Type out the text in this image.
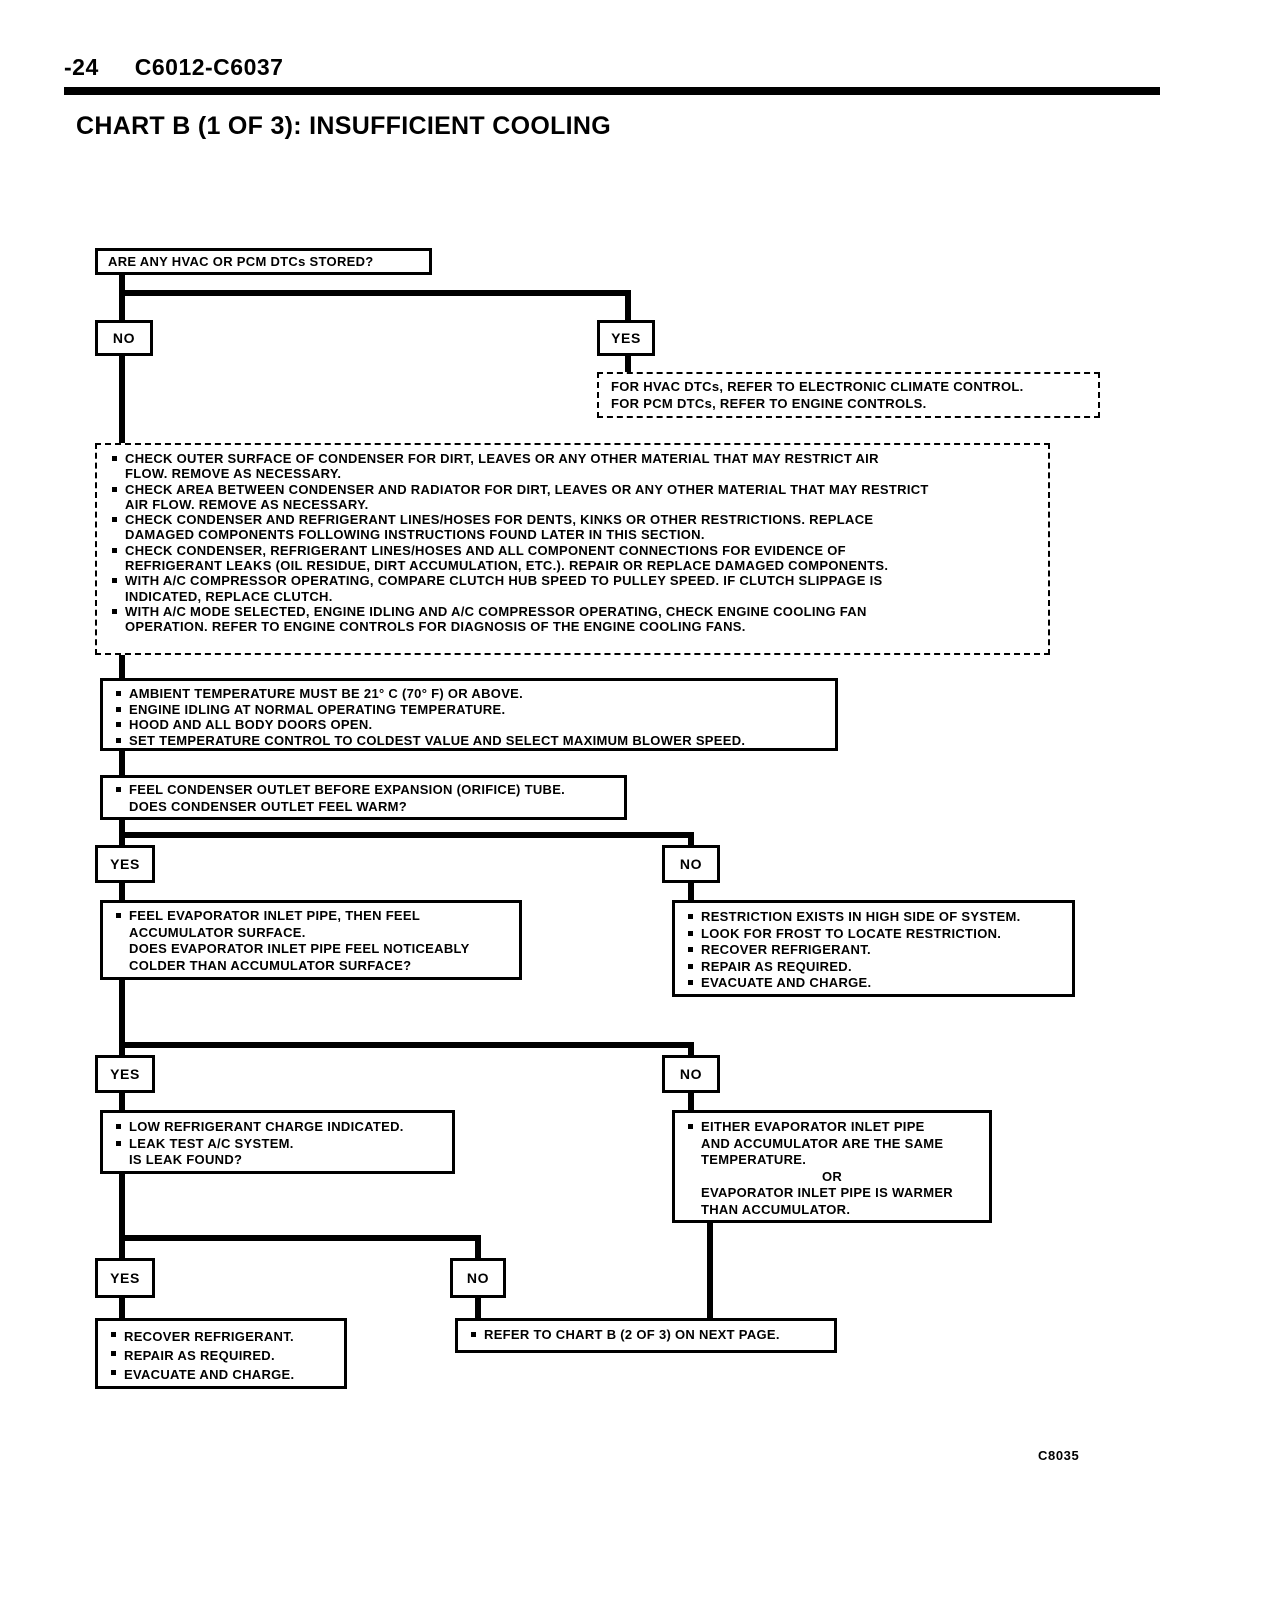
-24 C6012-C6037
CHART B (1 OF 3): INSUFFICIENT COOLING
ARE ANY HVAC OR PCM DTCs STORED?
NO	YES
FOR HVAC DTCs, REFER TO ELECTRONIC CLIMATE CONTROL.
FOR PCM DTCs, REFER TO ENGINE CONTROLS.
CHECK OUTER SURFACE OF CONDENSER FOR DIRT, LEAVES OR ANY OTHER MATERIAL THAT MAY RESTRICT AIR
FLOW. REMOVE AS NECESSARY.
CHECK AREA BETWEEN CONDENSER AND RADIATOR FOR DIRT, LEAVES OR ANY OTHER MATERIAL THAT MAY RESTRICT
AIR FLOW. REMOVE AS NECESSARY.
CHECK CONDENSER AND REFRIGERANT LINES/HOSES FOR DENTS, KINKS OR OTHER RESTRICTIONS. REPLACE
DAMAGED COMPONENTS FOLLOWING INSTRUCTIONS FOUND LATER IN THIS SECTION.
CHECK CONDENSER, REFRIGERANT LINES/HOSES AND ALL COMPONENT CONNECTIONS FOR EVIDENCE OF
REFRIGERANT LEAKS (OIL RESIDUE, DIRT ACCUMULATION, ETC.). REPAIR OR REPLACE DAMAGED COMPONENTS.
WITH A/C COMPRESSOR OPERATING, COMPARE CLUTCH HUB SPEED TO PULLEY SPEED. IF CLUTCH SLIPPAGE IS
INDICATED, REPLACE CLUTCH.
WITH A/C MODE SELECTED, ENGINE IDLING AND A/C COMPRESSOR OPERATING, CHECK ENGINE COOLING FAN
OPERATION. REFER TO ENGINE CONTROLS FOR DIAGNOSIS OF THE ENGINE COOLING FANS.
AMBIENT TEMPERATURE MUST BE 21° C (70° F) OR ABOVE.
ENGINE IDLING AT NORMAL OPERATING TEMPERATURE.
HOOD AND ALL BODY DOORS OPEN.
SET TEMPERATURE CONTROL TO COLDEST VALUE AND SELECT MAXIMUM BLOWER SPEED.
FEEL CONDENSER OUTLET BEFORE EXPANSION (ORIFICE) TUBE.
DOES CONDENSER OUTLET FEEL WARM?
YES	NO
FEEL EVAPORATOR INLET PIPE, THEN FEEL
ACCUMULATOR SURFACE.
DOES EVAPORATOR INLET PIPE FEEL NOTICEABLY
COLDER THAN ACCUMULATOR SURFACE?
RESTRICTION EXISTS IN HIGH SIDE OF SYSTEM.
LOOK FOR FROST TO LOCATE RESTRICTION.
RECOVER REFRIGERANT.
REPAIR AS REQUIRED.
EVACUATE AND CHARGE.
YES	NO
LOW REFRIGERANT CHARGE INDICATED.
LEAK TEST A/C SYSTEM.
IS LEAK FOUND?
EITHER EVAPORATOR INLET PIPE
AND ACCUMULATOR ARE THE SAME
TEMPERATURE.
OR
EVAPORATOR INLET PIPE IS WARMER
THAN ACCUMULATOR.
YES	NO
RECOVER REFRIGERANT.
REPAIR AS REQUIRED.
EVACUATE AND CHARGE.
REFER TO CHART B (2 OF 3) ON NEXT PAGE.
C8035
